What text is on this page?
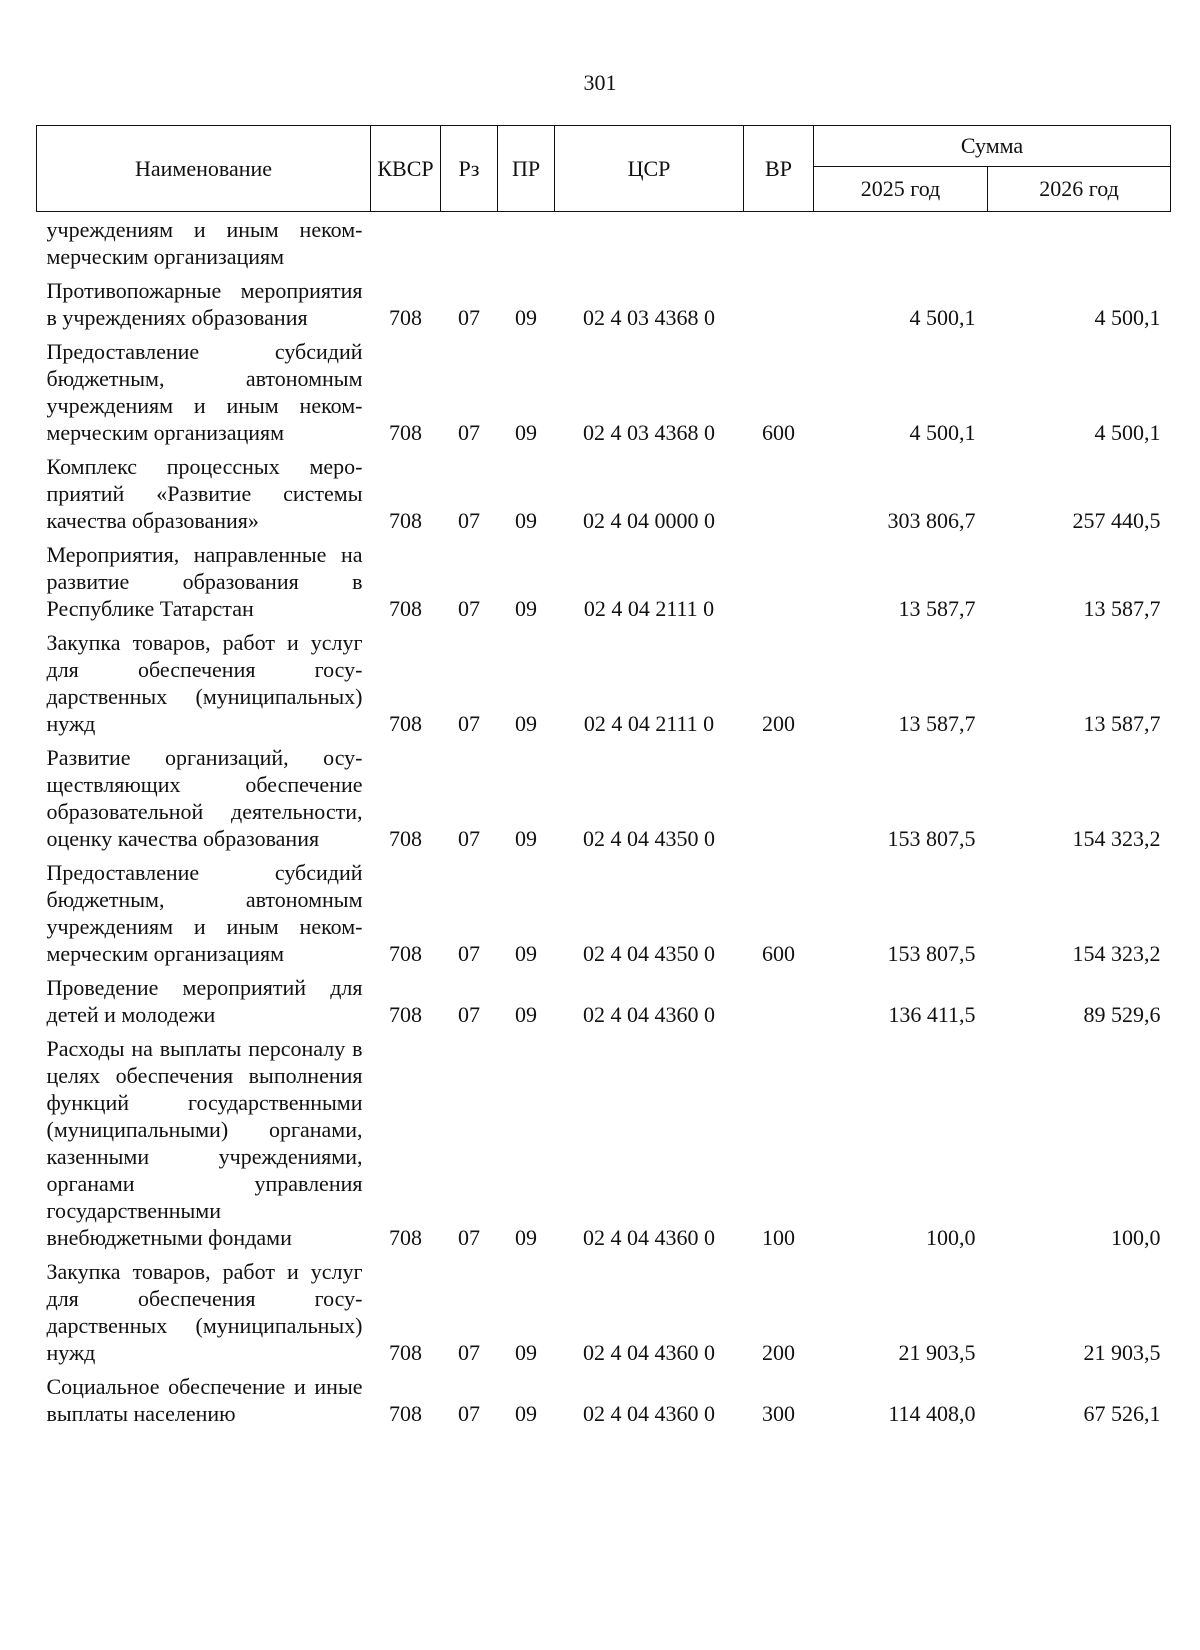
301
Наименование	КВСР	Рз	ПР	ЦСР	ВР	Сумма	
						2025 год	2026 год
учреждениям и иным некоммерческим организациям							
Противопожарные мероприятия в учреждениях образования	708	07	09	02 4 03 4368 0		4 500,1	4 500,1
Предоставление субсидий бюджетным, автономным учреждениям и иным некоммерческим организациям	708	07	09	02 4 03 4368 0	600	4 500,1	4 500,1
Комплекс процессных мероприятий «Развитие системы качества образования»	708	07	09	02 4 04 0000 0		303 806,7	257 440,5
Мероприятия, направленные на развитие образования в Республике Татарстан	708	07	09	02 4 04 2111 0		13 587,7	13 587,7
Закупка товаров, работ и услуг для обеспечения государственных (муниципальных) нужд	708	07	09	02 4 04 2111 0	200	13 587,7	13 587,7
Развитие организаций, осуществляющих обеспечение образовательной деятельности, оценку качества образования	708	07	09	02 4 04 4350 0		153 807,5	154 323,2
Предоставление субсидий бюджетным, автономным учреждениям и иным некоммерческим организациям	708	07	09	02 4 04 4350 0	600	153 807,5	154 323,2
Проведение мероприятий для детей и молодежи	708	07	09	02 4 04 4360 0		136 411,5	89 529,6
Расходы на выплаты персоналу в целях обеспечения выполнения функций государственными (муниципальными) органами, казенными учреждениями, органами управления государственными внебюджетными фондами	708	07	09	02 4 04 4360 0	100	100,0	100,0
Закупка товаров, работ и услуг для обеспечения государственных (муниципальных) нужд	708	07	09	02 4 04 4360 0	200	21 903,5	21 903,5
Социальное обеспечение и иные выплаты населению	708	07	09	02 4 04 4360 0	300	114 408,0	67 526,1
